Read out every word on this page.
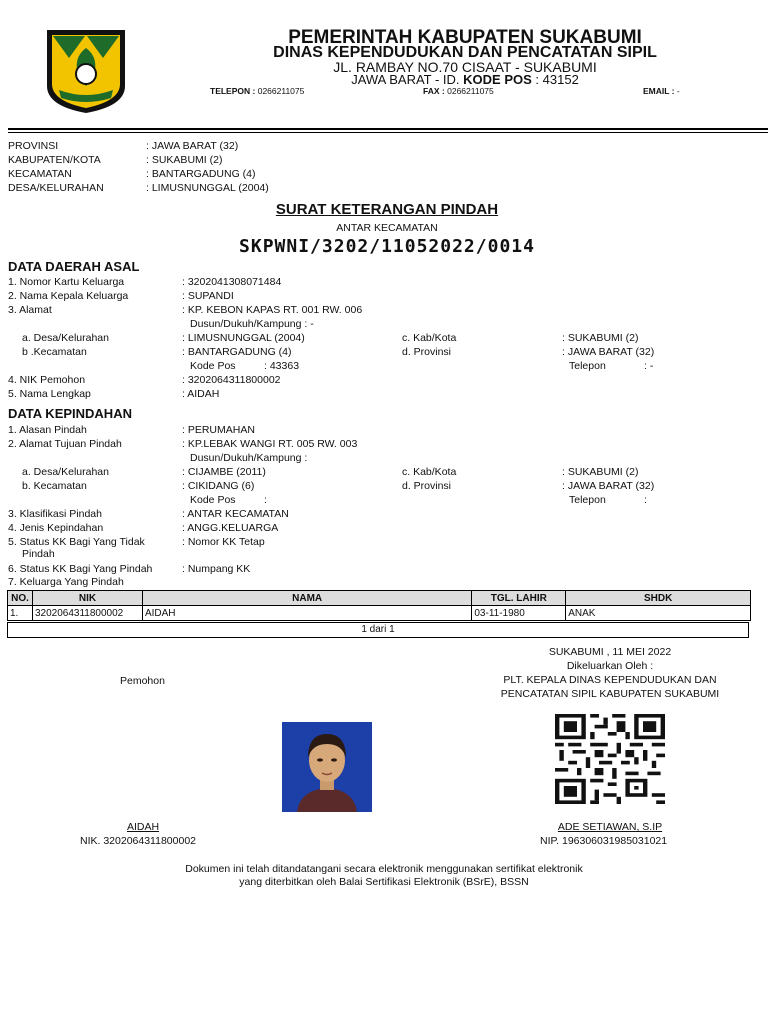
PEMERINTAH KABUPATEN SUKABUMI
DINAS KEPENDUDUKAN DAN PENCATATAN SIPIL
JL. RAMBAY NO.70 CISAAT - SUKABUMI
JAWA BARAT - ID. KODE POS : 43152
TELEPON : 0266211075	FAX : 0266211075	EMAIL : -
PROVINSI	: JAWA BARAT (32)
KABUPATEN/KOTA	: SUKABUMI (2)
KECAMATAN	: BANTARGADUNG (4)
DESA/KELURAHAN	: LIMUSNUNGGAL (2004)
SURAT KETERANGAN PINDAH
ANTAR KECAMATAN
SKPWNI/3202/11052022/0014
DATA DAERAH ASAL
1. Nomor Kartu Keluarga	: 3202041308071484
2. Nama Kepala Keluarga	: SUPANDI
3. Alamat	: KP. KEBON KAPAS RT. 001 RW. 006
Dusun/Dukuh/Kampung : -
a. Desa/Kelurahan	: LIMUSNUNGGAL (2004)	c. Kab/Kota	: SUKABUMI (2)
b .Kecamatan	: BANTARGADUNG (4)	d. Provinsi	: JAWA BARAT (32)
Kode Pos	: 43363	Telepon	: -
4. NIK Pemohon	: 3202064311800002
5. Nama Lengkap	: AIDAH
DATA KEPINDAHAN
1. Alasan Pindah	: PERUMAHAN
2. Alamat Tujuan Pindah	: KP.LEBAK WANGI RT. 005 RW. 003
Dusun/Dukuh/Kampung :
a. Desa/Kelurahan	: CIJAMBE (2011)	c. Kab/Kota	: SUKABUMI (2)
b. Kecamatan	: CIKIDANG (6)	d. Provinsi	: JAWA BARAT (32)
Kode Pos	:	Telepon	:
3. Klasifikasi Pindah	: ANTAR KECAMATAN
4. Jenis Kepindahan	: ANGG.KELUARGA
5. Status KK Bagi Yang Tidak
Pindah
: Nomor KK Tetap
6. Status KK Bagi Yang Pindah	: Numpang KK
7. Keluarga Yang Pindah
NO.	NIK	NAMA	TGL. LAHIR	SHDK
1.	3202064311800002	AIDAH	03-11-1980	ANAK
1 dari 1
SUKABUMI , 11 MEI 2022
Dikeluarkan Oleh :
PLT. KEPALA DINAS KEPENDUDUKAN DAN
PENCATATAN SIPIL KABUPATEN SUKABUMI
Pemohon
AIDAH
NIK. 3202064311800002
ADE SETIAWAN, S.IP
NIP. 196306031985031021
Dokumen ini telah ditandatangani secara elektronik menggunakan sertifikat elektronik
yang diterbitkan oleh Balai Sertifikasi Elektronik (BSrE), BSSN
